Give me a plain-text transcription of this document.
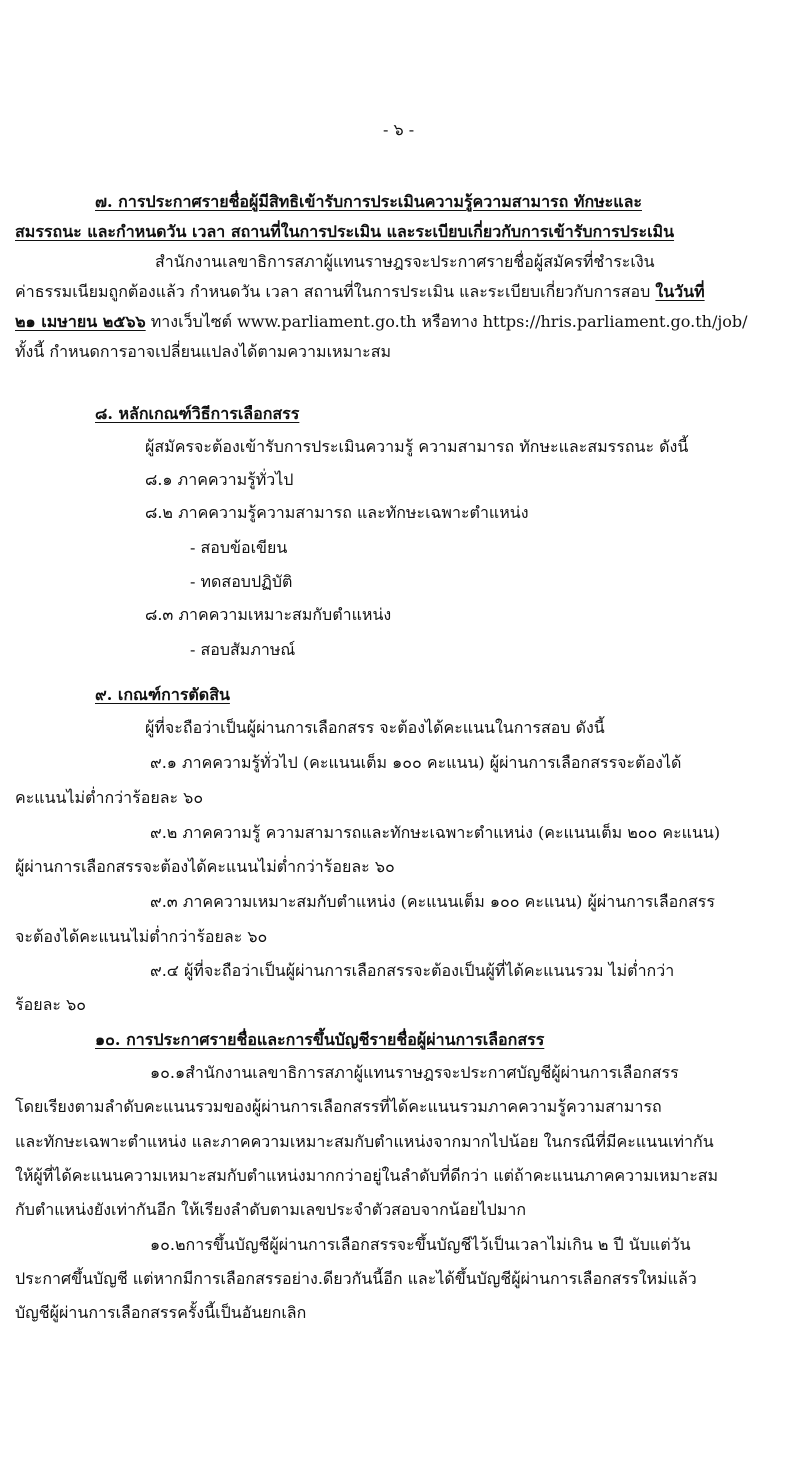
- ๖ -
๗. การประกาศรายชื่อผู้มีสิทธิเข้ารับการประเมินความรู้ความสามารถ ทักษะและ
สมรรถนะ และกำหนดวัน เวลา สถานที่ในการประเมิน และระเบียบเกี่ยวกับการเข้ารับการประเมิน
สำนักงานเลขาธิการสภาผู้แทนราษฎรจะประกาศรายชื่อผู้สมัครที่ชำระเงิน
ค่าธรรมเนียมถูกต้องแล้ว กำหนดวัน เวลา สถานที่ในการประเมิน และระเบียบเกี่ยวกับการสอบ ในวันที่
๒๑ เมษายน ๒๕๖๖ ทางเว็บไซต์ www.parliament.go.th หรือทาง https://hris.parliament.go.th/job/
ทั้งนี้ กำหนดการอาจเปลี่ยนแปลงได้ตามความเหมาะสม
๘. หลักเกณฑ์วิธีการเลือกสรร
ผู้สมัครจะต้องเข้ารับการประเมินความรู้ ความสามารถ ทักษะและสมรรถนะ ดังนี้
๘.๑ ภาคความรู้ทั่วไป
๘.๒ ภาคความรู้ความสามารถ และทักษะเฉพาะตำแหน่ง
- สอบข้อเขียน
- ทดสอบปฏิบัติ
๘.๓ ภาคความเหมาะสมกับตำแหน่ง
- สอบสัมภาษณ์
๙. เกณฑ์การตัดสิน
ผู้ที่จะถือว่าเป็นผู้ผ่านการเลือกสรร จะต้องได้คะแนนในการสอบ ดังนี้
๙.๑ ภาคความรู้ทั่วไป (คะแนนเต็ม ๑๐๐ คะแนน) ผู้ผ่านการเลือกสรรจะต้องได้
คะแนนไม่ต่ำกว่าร้อยละ ๖๐
๙.๒ ภาคความรู้ ความสามารถและทักษะเฉพาะตำแหน่ง (คะแนนเต็ม ๒๐๐ คะแนน)
ผู้ผ่านการเลือกสรรจะต้องได้คะแนนไม่ต่ำกว่าร้อยละ ๖๐
๙.๓ ภาคความเหมาะสมกับตำแหน่ง (คะแนนเต็ม ๑๐๐ คะแนน) ผู้ผ่านการเลือกสรร
จะต้องได้คะแนนไม่ต่ำกว่าร้อยละ ๖๐
๙.๔ ผู้ที่จะถือว่าเป็นผู้ผ่านการเลือกสรรจะต้องเป็นผู้ที่ได้คะแนนรวม ไม่ต่ำกว่า
ร้อยละ ๖๐
๑๐. การประกาศรายชื่อและการขึ้นบัญชีรายชื่อผู้ผ่านการเลือกสรร
๑๐.๑สำนักงานเลขาธิการสภาผู้แทนราษฎรจะประกาศบัญชีผู้ผ่านการเลือกสรร
โดยเรียงตามลำดับคะแนนรวมของผู้ผ่านการเลือกสรรที่ได้คะแนนรวมภาคความรู้ความสามารถ
และทักษะเฉพาะตำแหน่ง และภาคความเหมาะสมกับตำแหน่งจากมากไปน้อย ในกรณีที่มีคะแนนเท่ากัน
ให้ผู้ที่ได้คะแนนความเหมาะสมกับตำแหน่งมากกว่าอยู่ในลำดับที่ดีกว่า แต่ถ้าคะแนนภาคความเหมาะสม
กับตำแหน่งยังเท่ากันอีก ให้เรียงลำดับตามเลขประจำตัวสอบจากน้อยไปมาก
๑๐.๒การขึ้นบัญชีผู้ผ่านการเลือกสรรจะขึ้นบัญชีไว้เป็นเวลาไม่เกิน ๒ ปี นับแต่วัน
ประกาศขึ้นบัญชี แต่หากมีการเลือกสรรอย่าง.ดียวกันนี้อีก และได้ขึ้นบัญชีผู้ผ่านการเลือกสรรใหม่แล้ว
บัญชีผู้ผ่านการเลือกสรรครั้งนี้เป็นอันยกเลิก
